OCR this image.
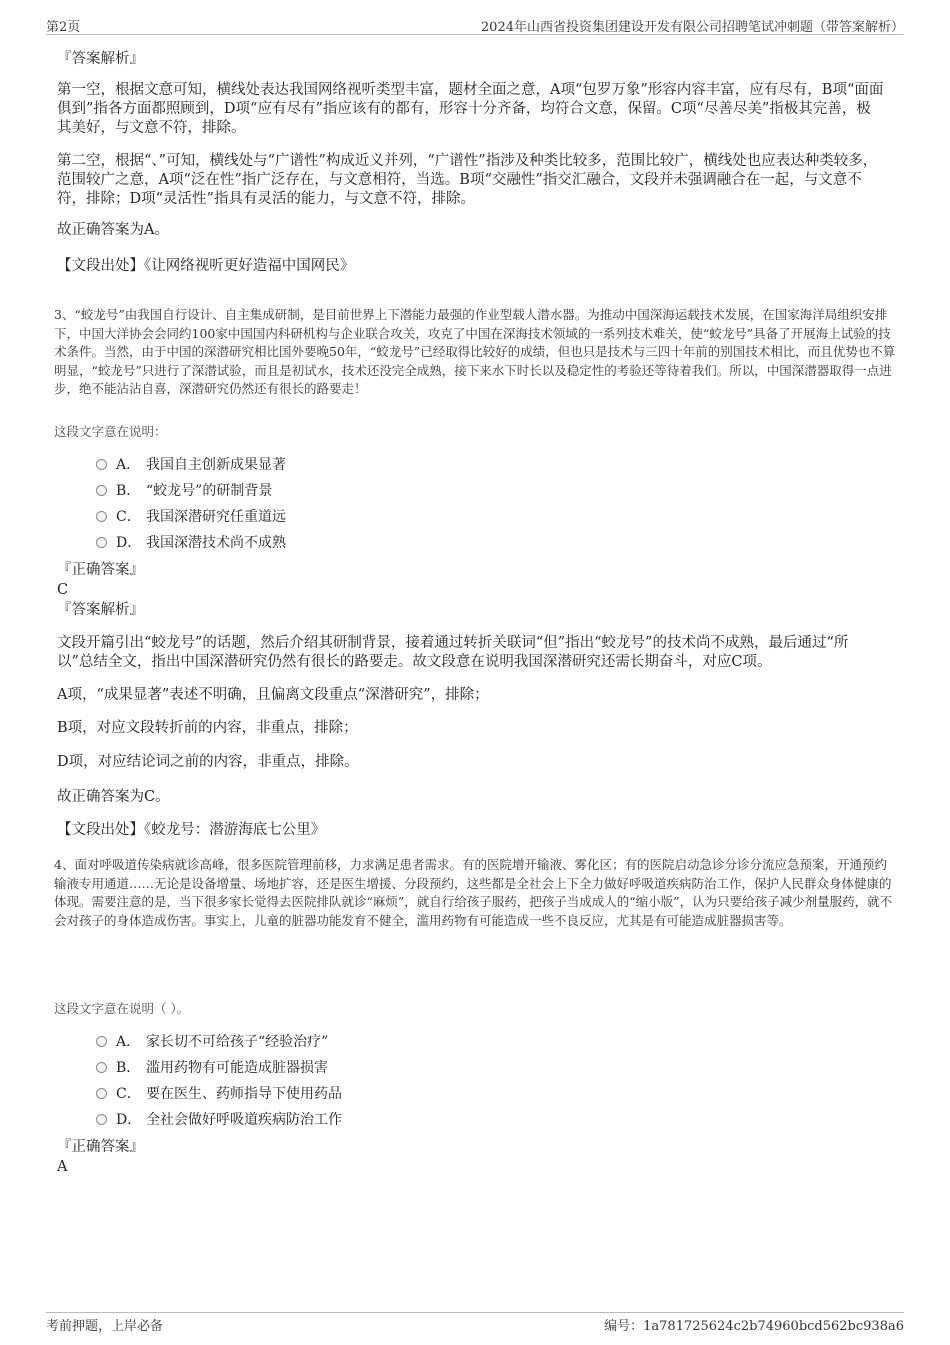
第2页	2024年山西省投资集团建设开发有限公司招聘笔试冲刺题（带答案解析）
『答案解析』
第一空，根据文意可知，横线处表达我国网络视听类型丰富，题材全面之意，A项“包罗万象”形容内容丰富，应有尽有，B项“面面俱到”指各方面都照顾到，D项“应有尽有”指应该有的都有，形容十分齐备，均符合文意，保留。C项“尽善尽美”指极其完善，极其美好，与文意不符，排除。
第二空，根据“、”可知，横线处与“广谱性”构成近义并列，“广谱性”指涉及种类比较多，范围比较广，横线处也应表达种类较多，范围较广之意，A项“泛在性”指广泛存在，与文意相符，当选。B项“交融性”指交汇融合，文段并未强调融合在一起，与文意不符，排除；D项“灵活性”指具有灵活的能力，与文意不符，排除。
故正确答案为A。
【文段出处】《让网络视听更好造福中国网民》
3、“蛟龙号”由我国自行设计、自主集成研制，是目前世界上下潜能力最强的作业型载人潜水器。为推动中国深海运载技术发展，在国家海洋局组织安排下，中国大洋协会会同约100家中国国内科研机构与企业联合攻关，攻克了中国在深海技术领域的一系列技术难关，使“蛟龙号”具备了开展海上试验的技术条件。当然，由于中国的深潜研究相比国外要晚50年，“蛟龙号”已经取得比较好的成绩，但也只是技术与三四十年前的别国技术相比，而且优势也不算明显，“蛟龙号”只进行了深潜试验，而且是初试水，技术还没完全成熟，接下来水下时长以及稳定性的考验还等待着我们。所以，中国深潜器取得一点进步，绝不能沾沾自喜，深潜研究仍然还有很长的路要走！
这段文字意在说明：
A． 我国自主创新成果显著
B． “蛟龙号”的研制背景
C． 我国深潜研究任重道远
D． 我国深潜技术尚不成熟
『正确答案』
C
『答案解析』
文段开篇引出“蛟龙号”的话题，然后介绍其研制背景，接着通过转折关联词“但”指出“蛟龙号”的技术尚不成熟，最后通过“所以”总结全文，指出中国深潜研究仍然有很长的路要走。故文段意在说明我国深潜研究还需长期奋斗，对应C项。
A项，“成果显著”表述不明确，且偏离文段重点“深潜研究”，排除；
B项，对应文段转折前的内容，非重点，排除；
D项，对应结论词之前的内容，非重点，排除。
故正确答案为C。
【文段出处】《蛟龙号：潜游海底七公里》
4、面对呼吸道传染病就诊高峰，很多医院管理前移，力求满足患者需求。有的医院增开输液、雾化区；有的医院启动急诊分诊分流应急预案，开通预约输液专用通道……无论是设备增量、场地扩容，还是医生增援、分段预约，这些都是全社会上下全力做好呼吸道疾病防治工作，保护人民群众身体健康的体现。需要注意的是，当下很多家长觉得去医院排队就诊“麻烦”，就自行给孩子服药，把孩子当成成人的“缩小版”，认为只要给孩子减少剂量服药，就不会对孩子的身体造成伤害。事实上，儿童的脏器功能发育不健全，滥用药物有可能造成一些不良反应，尤其是有可能造成脏器损害等。
这段文字意在说明（ ）。
A． 家长切不可给孩子“经验治疗”
B． 滥用药物有可能造成脏器损害
C． 要在医生、药师指导下使用药品
D． 全社会做好呼吸道疾病防治工作
『正确答案』
A
考前押题，上岸必备	编号：1a781725624c2b74960bcd562bc938a6
